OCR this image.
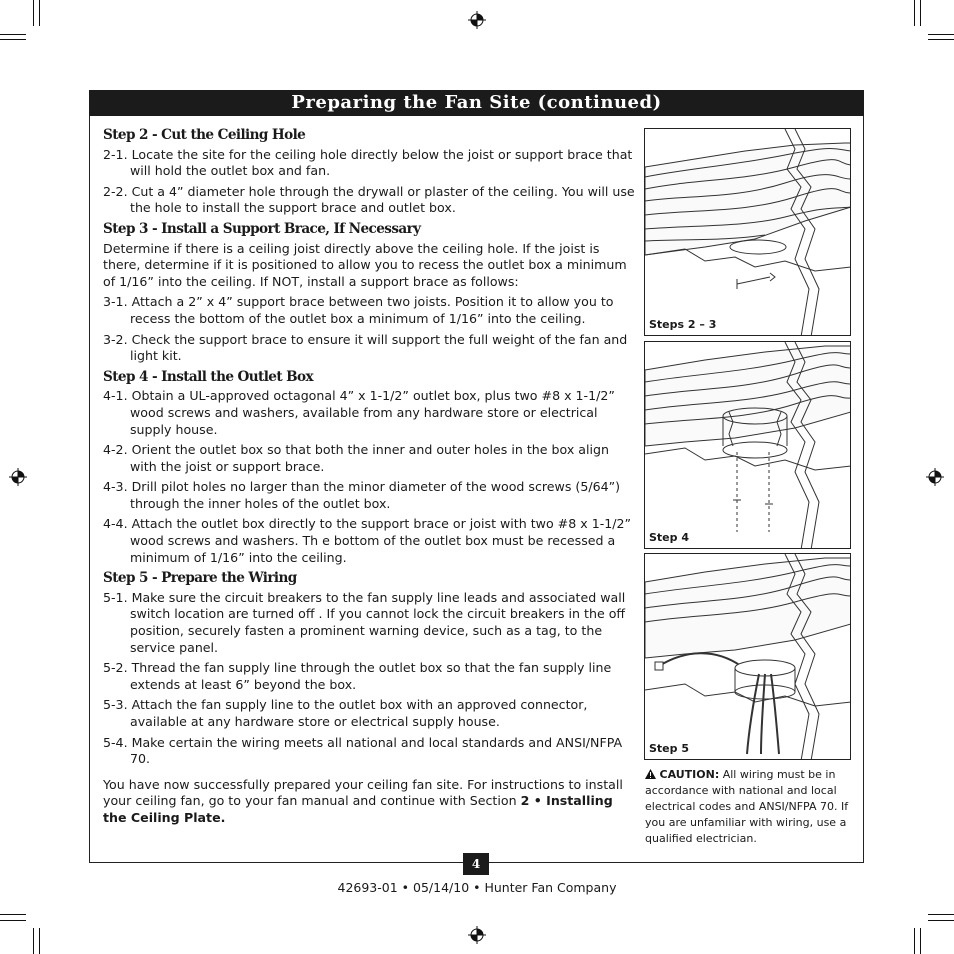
Preparing the Fan Site (continued)
Step 2 - Cut the Ceiling Hole
2-1. Locate the site for the ceiling hole directly below the joist or support brace that will hold the outlet box and fan.
2-2. Cut a 4” diameter hole through the drywall or plaster of the ceiling. You will use the hole to install the support brace and outlet box.
Step 3 - Install a Support Brace, If Necessary
Determine if there is a ceiling joist directly above the ceiling hole. If the joist is there, determine if it is positioned to allow you to recess the outlet box a minimum of 1/16” into the ceiling. If NOT, install a support brace as follows:
3-1. Attach a 2” x 4” support brace between two joists. Position it to allow you to recess the bottom of the outlet box a minimum of 1/16” into the ceiling.
3-2. Check the support brace to ensure it will support the full weight of the fan and light kit.
Step 4 - Install the Outlet Box
4-1. Obtain a UL-approved octagonal 4” x 1-1/2” outlet box, plus two #8 x 1-1/2” wood screws and washers, available from any hardware store or electrical supply house.
4-2. Orient the outlet box so that both the inner and outer holes in the box align with the joist or support brace.
4-3. Drill pilot holes no larger than the minor diameter of the wood screws (5/64”) through the inner holes of the outlet box.
4-4. Attach the outlet box directly to the support brace or joist with two #8 x 1-1/2” wood screws and washers. Th e bottom of the outlet box must be recessed a minimum of 1/16” into the ceiling.
Step 5 - Prepare the Wiring
5-1. Make sure the circuit breakers to the fan supply line leads and associated wall switch location are turned off . If you cannot lock the circuit breakers in the off position, securely fasten a prominent warning device, such as a tag, to the service panel.
5-2. Thread the fan supply line through the outlet box so that the fan supply line extends at least 6” beyond the box.
5-3. Attach the fan supply line to the outlet box with an approved connector, available at any hardware store or electrical supply house.
5-4. Make certain the wiring meets all national and local standards and ANSI/NFPA 70.
You have now successfully prepared your ceiling fan site. For instructions to install your ceiling fan, go to your fan manual and continue with Section 2 • Installing the Ceiling Plate.
Steps 2 – 3
Step 4
Step 5
CAUTION: All wiring must be in accordance with national and local electrical codes and ANSI/NFPA 70. If you are unfamiliar with wiring, use a qualified electrician.
4
42693-01 • 05/14/10 • Hunter Fan Company
